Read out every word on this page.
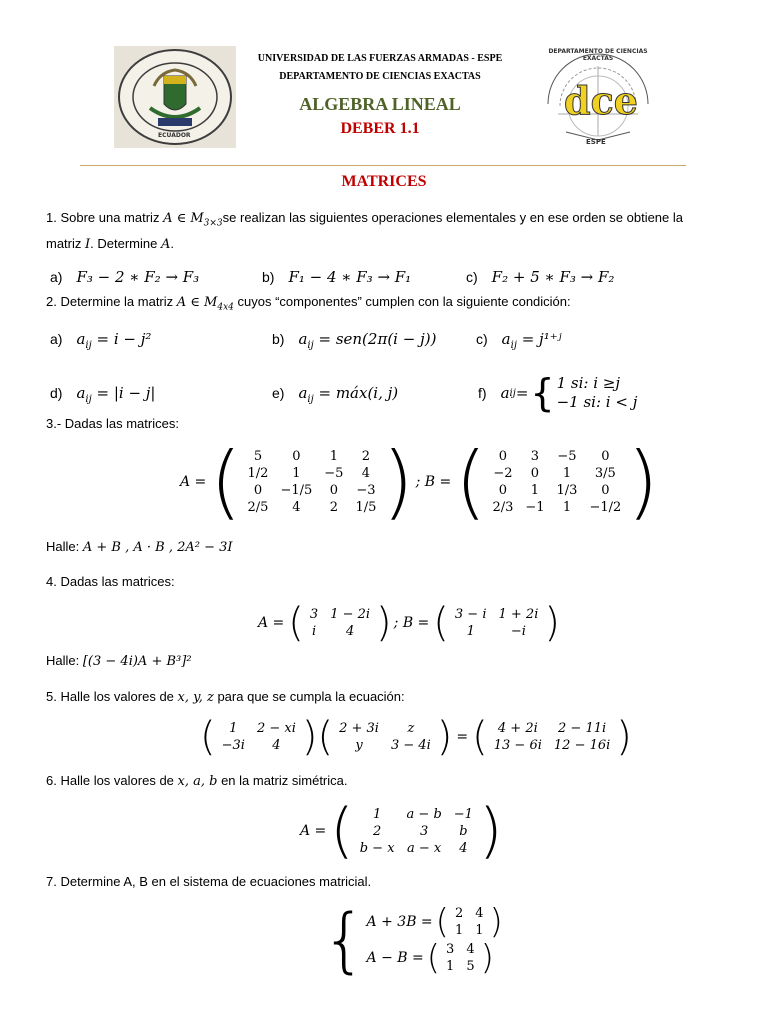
ECUADOR
dce
ESPE
DEPARTAMENTO DE CIENCIAS EXACTAS
UNIVERSIDAD DE LAS FUERZAS ARMADAS - ESPE
DEPARTAMENTO DE CIENCIAS EXACTAS
ALGEBRA LINEAL
DEBER 1.1
MATRICES
1. Sobre una matriz A ∈ $M_{3\times 3}se$ realizan las siguientes operaciones elementales y en ese orden se obtiene la
matriz I. Determine A.
a) F₃ − 2 ∗ F₂ → F₃	b) F₁ − 4 ∗ F₃ → F₁	c) F₂ + 5 ∗ F₃ → F₂
2. Determine la matriz A ∈ $M_{4x4}$ cuyos “componentes” cumplen con la siguiente condición:
a) $a_{ij} = i - j^2$	b) $a_{ij} = sen(2\pi(i - j))$	c) $a_{ij}$ = j¹⁺ʲ
d) $a_{ij} = |i - j|$	e) $a_{ij}$ = máx(i, j)	f) a ij = { 1 si: i ≥j
−1 si: i < j
3.- Dadas las matrices:
A = ( 5	0	1	2
1/2	1	−5	4
0	−1/5	0	−3
2/5	4	2	1/5 ) ; B = ( 0	3	−5	0
−2	0	1	3/5
0	1	1/3	0
2/3	−1	1	−1/2 )
Halle: A + B , A · B , 2A² − 3I
4. Dadas las matrices:
A = ( 3	1 − 2i
i	4 ) ; B = ( 3 − i	1 + 2i
1	−i )
Halle: [(3 − 4i)A + B³]²
5. Halle los valores de x, y, z para que se cumpla la ecuación:
( 1	2 − xi
−3i	4 ) ( 2 + 3i	z
y	3 − 4i ) = ( 4 + 2i	2 − 11i
13 − 6i	12 − 16i )
6. Halle los valores de x, a, b en la matriz simétrica.
A = ( 1	a − b	−1
2	3	b
b − x	a − x	4 )
7. Determine A, B en el sistema de ecuaciones matricial.
{ A + 3B = ( 2	4
1	1 )
A − B = ( 3	4
1	5 )
